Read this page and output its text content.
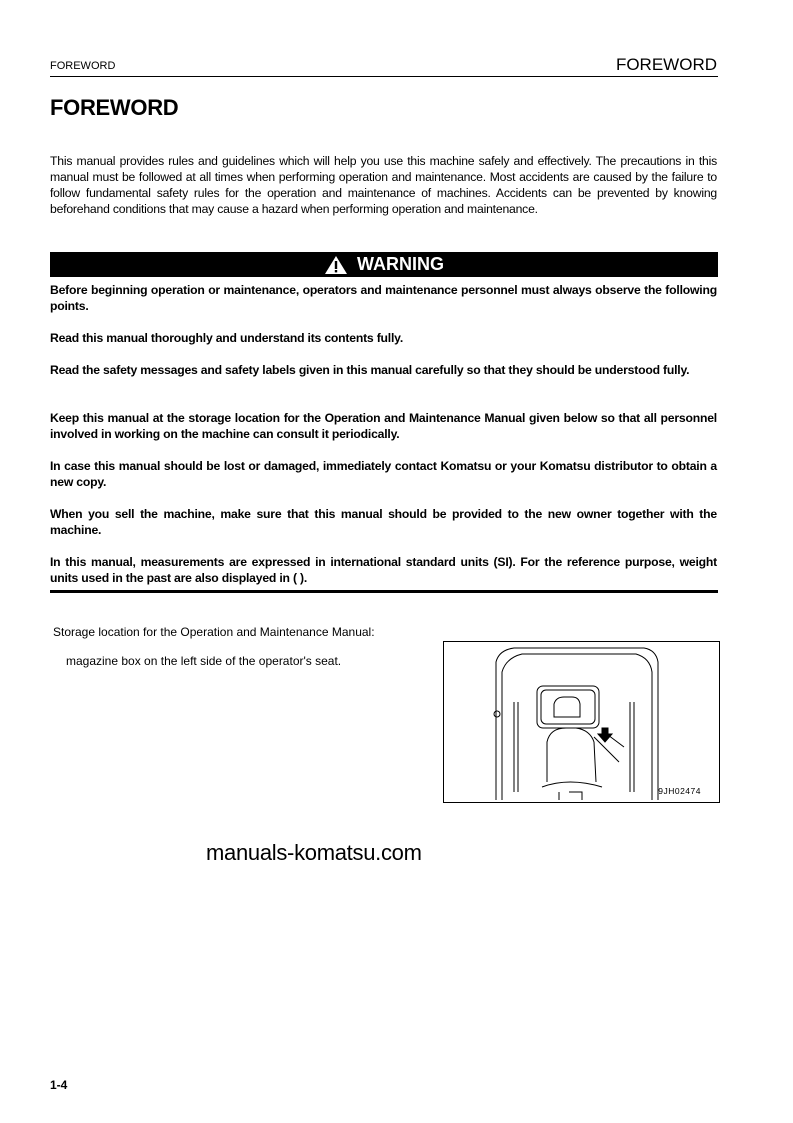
FOREWORD	FOREWORD
FOREWORD
This manual provides rules and guidelines which will help you use this machine safely and effectively. The precautions in this manual must be followed at all times when performing operation and maintenance. Most accidents are caused by the failure to follow fundamental safety rules for the operation and maintenance of machines. Accidents can be prevented by knowing beforehand conditions that may cause a hazard when performing operation and maintenance.
WARNING
Before beginning operation or maintenance, operators and maintenance personnel must always observe the following points.
Read this manual thoroughly and understand its contents fully.
Read the safety messages and safety labels given in this manual carefully so that they should be understood fully.
Keep this manual at the storage location for the Operation and Maintenance Manual given below so that all personnel involved in working on the machine can consult it periodically.
In case this manual should be lost or damaged, immediately contact Komatsu or your Komatsu distributor to obtain a new copy.
When you sell the machine, make sure that this manual should be provided to the new owner together with the machine.
In this manual, measurements are expressed in international standard units (SI). For the reference purpose, weight units used in the past are also displayed in ( ).
Storage location for the Operation and Maintenance Manual:
magazine box on the left side of the operator's seat.
9JH02474
manuals-komatsu.com
1-4
